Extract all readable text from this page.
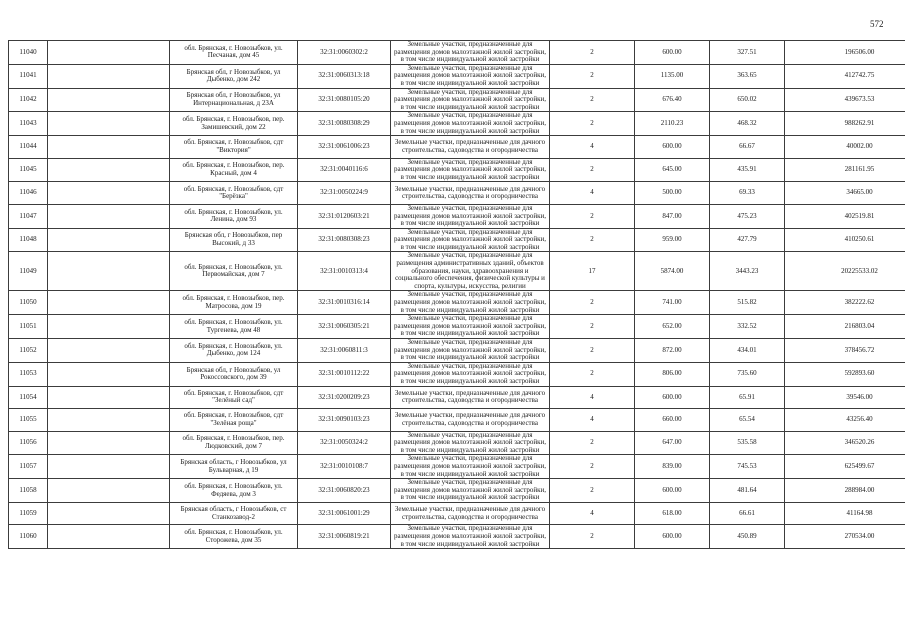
572
11040		обл. Брянская, г. Новозыбков, ул. Песчаная, дом 45	32:31:0060302:2	Земельные участки, предназначенные для размещения домов малоэтажной жилой застройки, в том числе индивидуальной жилой застройки	2	600.00	327.51	196506.00
11041		Брянская обл, г Новозыбков, ул Дыбенко, дом 242	32:31:0060313:18	Земельные участки, предназначенные для размещения домов малоэтажной жилой застройки, в том числе индивидуальной жилой застройки	2	1135.00	363.65	412742.75
11042		Брянская обл, г Новозыбков, ул Интернациональная, д 23А	32:31:0080105:20	Земельные участки, предназначенные для размещения домов малоэтажной жилой застройки, в том числе индивидуальной жилой застройки	2	676.40	650.02	439673.53
11043		обл. Брянская, г. Новозыбков, пер. Замишевский, дом 22	32:31:0080308:29	Земельные участки, предназначенные для размещения домов малоэтажной жилой застройки, в том числе индивидуальной жилой застройки	2	2110.23	468.32	988262.91
11044		обл. Брянская, г. Новозыбков, сдт "Виктория"	32:31:0061006:23	Земельные участки, предназначенные для дачного строительства, садоводства и огородничества	4	600.00	66.67	40002.00
11045		обл. Брянская, г. Новозыбков, пер. Красный, дом 4	32:31:0040116:6	Земельные участки, предназначенные для размещения домов малоэтажной жилой застройки, в том числе индивидуальной жилой застройки	2	645.00	435.91	281161.95
11046		обл. Брянская, г. Новозыбков, сдт "Берёзка"	32:31:0050224:9	Земельные участки, предназначенные для дачного строительства, садоводства и огородничества	4	500.00	69.33	34665.00
11047		обл. Брянская, г. Новозыбков, ул. Ленина, дом 93	32:31:0120603:21	Земельные участки, предназначенные для размещения домов малоэтажной жилой застройки, в том числе индивидуальной жилой застройки	2	847.00	475.23	402519.81
11048		Брянская обл, г Новозыбков, пер Высокий, д 33	32:31:0080308:23	Земельные участки, предназначенные для размещения домов малоэтажной жилой застройки, в том числе индивидуальной жилой застройки	2	959.00	427.79	410250.61
11049		обл. Брянская, г. Новозыбков, ул. Первомайская, дом 7	32:31:0010313:4	Земельные участки, предназначенные для размещения административных зданий, объектов образования, науки, здравоохранения и социального обеспечения, физической культуры и спорта, культуры, искусства, религии	17	5874.00	3443.23	20225533.02
11050		обл. Брянская, г. Новозыбков, пер. Матросова, дом 19	32:31:0010316:14	Земельные участки, предназначенные для размещения домов малоэтажной жилой застройки, в том числе индивидуальной жилой застройки	2	741.00	515.82	382222.62
11051		обл. Брянская, г. Новозыбков, ул. Тургенева, дом 48	32:31:0060305:21	Земельные участки, предназначенные для размещения домов малоэтажной жилой застройки, в том числе индивидуальной жилой застройки	2	652.00	332.52	216803.04
11052		обл. Брянская, г. Новозыбков, ул. Дыбенко, дом 124	32:31:0060811:3	Земельные участки, предназначенные для размещения домов малоэтажной жилой застройки, в том числе индивидуальной жилой застройки	2	872.00	434.01	378456.72
11053		Брянская обл, г Новозыбков, ул Рокоссовского, дом 39	32:31:0010112:22	Земельные участки, предназначенные для размещения домов малоэтажной жилой застройки, в том числе индивидуальной жилой застройки	2	806.00	735.60	592893.60
11054		обл. Брянская, г. Новозыбков, сдт "Зелёный сад"	32:31:0200209:23	Земельные участки, предназначенные для дачного строительства, садоводства и огородничества	4	600.00	65.91	39546.00
11055		обл. Брянская, г. Новозыбков, сдт "Зелёная роща"	32:31:0090103:23	Земельные участки, предназначенные для дачного строительства, садоводства и огородничества	4	660.00	65.54	43256.40
11056		обл. Брянская, г. Новозыбков, пер. Людковский, дом 7	32:31:0050324:2	Земельные участки, предназначенные для размещения домов малоэтажной жилой застройки, в том числе индивидуальной жилой застройки	2	647.00	535.58	346520.26
11057		Брянская область, г Новозыбков, ул Бульварная, д 19	32:31:0010108:7	Земельные участки, предназначенные для размещения домов малоэтажной жилой застройки, в том числе индивидуальной жилой застройки	2	839.00	745.53	625499.67
11058		обл. Брянская, г. Новозыбков, ул. Федяева, дом 3	32:31:0060820:23	Земельные участки, предназначенные для размещения домов малоэтажной жилой застройки, в том числе индивидуальной жилой застройки	2	600.00	481.64	288984.00
11059		Брянская область, г Новозыбков, ст Станкозавод-2	32:31:0061001:29	Земельные участки, предназначенные для дачного строительства, садоводства и огородничества	4	618.00	66.61	41164.98
11060		обл. Брянская, г. Новозыбков, ул. Сторожева, дом 35	32:31:0060819:21	Земельные участки, предназначенные для размещения домов малоэтажной жилой застройки, в том числе индивидуальной жилой застройки	2	600.00	450.89	270534.00
